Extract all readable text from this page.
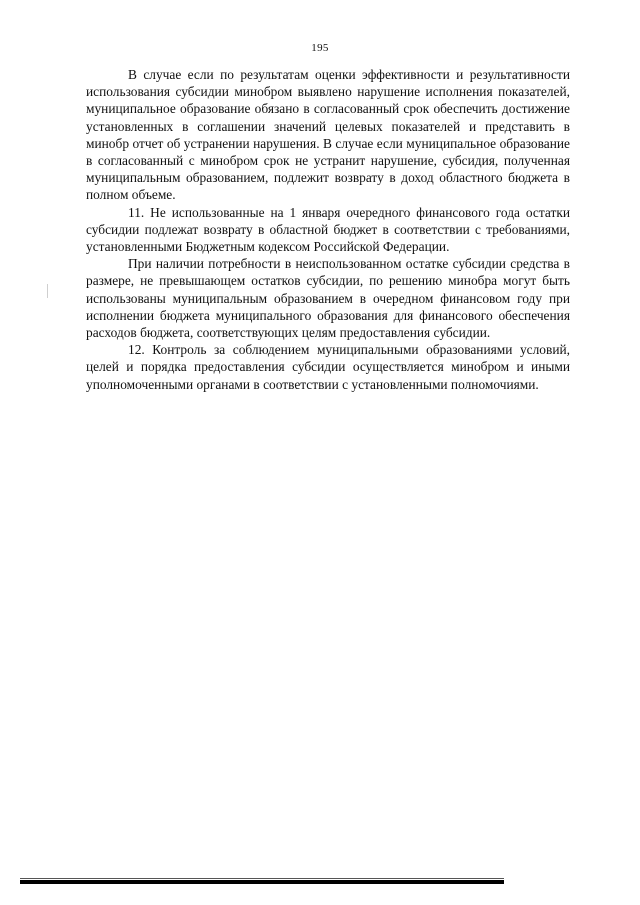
195

В случае если по результатам оценки эффективности и результативности использования субсидии минобром выявлено нарушение исполнения показателей, муниципальное образование обязано в согласованный срок обеспечить достижение установленных в соглашении значений целевых показателей и представить в минобр отчет об устранении нарушения. В случае если муниципальное образование в согласованный с минобром срок не устранит нарушение, субсидия, полученная муниципальным образованием, подлежит возврату в доход областного бюджета в полном объеме.

11. Не использованные на 1 января очередного финансового года остатки субсидии подлежат возврату в областной бюджет в соответствии с требованиями, установленными Бюджетным кодексом Российской Федерации.

При наличии потребности в неиспользованном остатке субсидии средства в размере, не превышающем остатков субсидии, по решению минобра могут быть использованы муниципальным образованием в очередном финансовом году при исполнении бюджета муниципального образования для финансового обеспечения расходов бюджета, соответствующих целям предоставления субсидии.

12. Контроль за соблюдением муниципальными образованиями условий, целей и порядка предоставления субсидии осуществляется минобром и иными уполномоченными органами в соответствии с установленными полномочиями.
